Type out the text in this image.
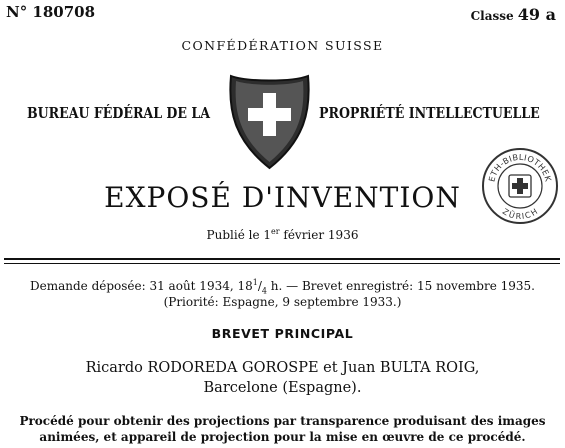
N° 180708	Classe 49 a
CONFÉDÉRATION SUISSE
BUREAU FÉDÉRAL DE LA	PROPRIÉTÉ INTELLECTUELLE
ETH-BIBLIOTHEK
ZÜRICH
EXPOSÉ D'INVENTION
Publié le 1er février 1936
Demande déposée: 31 août 1934, $18^1/_4$ h. — Brevet enregistré: 15 novembre 1935.
(Priorité: Espagne, 9 septembre 1933.)
BREVET PRINCIPAL
Ricardo RODOREDA GOROSPE et Juan BULTA ROIG,
Barcelone (Espagne).
Procédé pour obtenir des projections par transparence produisant des images
animées, et appareil de projection pour la mise en œuvre de ce procédé.
